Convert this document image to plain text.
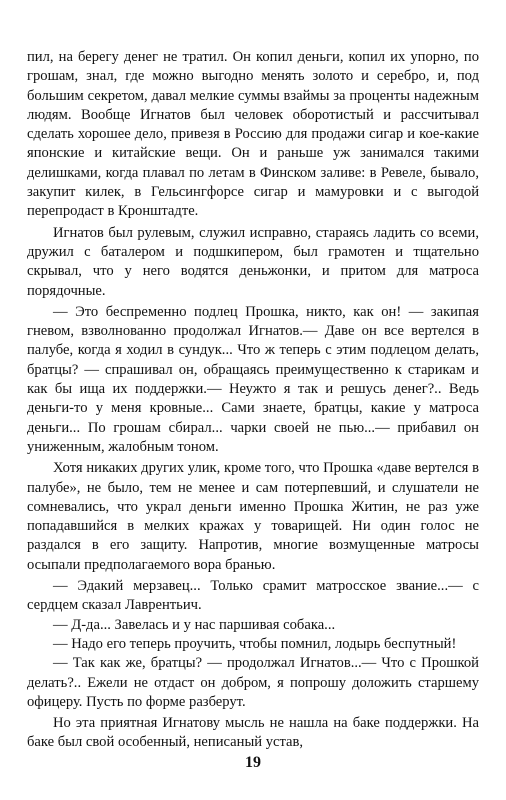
пил, на берегу денег не тратил. Он копил деньги, копил их упорно, по грошам, знал, где можно выгодно менять золото и серебро, и, под большим секретом, давал мелкие суммы взаймы за проценты надежным людям. Вообще Игнатов был человек оборотистый и рассчитывал сделать хорошее дело, привезя в Россию для продажи сигар и кое-какие японские и китайские вещи. Он и раньше уж занимался такими делишками, когда плавал по летам в Финском заливе: в Ревеле, бывало, закупит килек, в Гельсингфорсе сигар и мамуровки и с выгодой перепродаст в Кронштадте.

Игнатов был рулевым, служил исправно, стараясь ладить со всеми, дружил с баталером и подшкипером, был грамотен и тщательно скрывал, что у него водятся деньжонки, и притом для матроса порядочные.

— Это беспременно подлец Прошка, никто, как он! — закипая гневом, взволнованно продолжал Игнатов.— Даве он все вертелся в палубе, когда я ходил в сундук... Что ж теперь с этим подлецом делать, братцы? — спрашивал он, обращаясь преимущественно к старикам и как бы ища их поддержки.— Неужто я так и решусь денег?.. Ведь деньги-то у меня кровные... Сами знаете, братцы, какие у матроса деньги... По грошам сбирал... чарки своей не пью...— прибавил он униженным, жалобным тоном.

Хотя никаких других улик, кроме того, что Прошка «даве вертелся в палубе», не было, тем не менее и сам потерпевший, и слушатели не сомневались, что украл деньги именно Прошка Житин, не раз уже попадавшийся в мелких кражах у товарищей. Ни один голос не раздался в его защиту. Напротив, многие возмущенные матросы осыпали предполагаемого вора бранью.

— Эдакий мерзавец... Только срамит матросское звание...— с сердцем сказал Лаврентьич.

— Д-да... Завелась и у нас паршивая собака...

— Надо его теперь проучить, чтобы помнил, лодырь беспутный!

— Так как же, братцы? — продолжал Игнатов...— Что с Прошкой делать?.. Ежели не отдаст он добром, я попрошу доложить старшему офицеру. Пусть по форме разберут.

Но эта приятная Игнатову мысль не нашла на баке поддержки. На баке был свой особенный, неписаный устав,

19
